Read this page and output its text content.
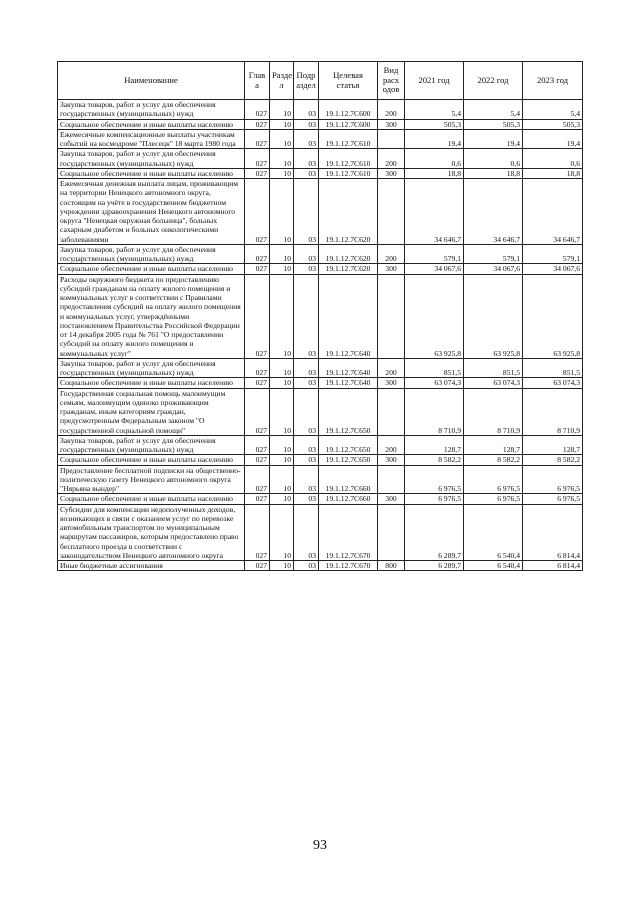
Наименование	Глав а	Разде л	Подр аздел	Целевая статья	Вид расх одов	2021 год	2022 год	2023 год
Закупка товаров, работ и услуг для обеспечения государственных (муниципальных) нужд	027	10	03	19.1.12.7С600	200	5,4	5,4	5,4
Социальное обеспечение и иные выплаты населению	027	10	03	19.1.12.7С600	300	505,3	505,3	505,3
Ежемесячные компенсационные выплаты участникам событий на космодроме "Плесецк" 18 марта 1980 года	027	10	03	19.1.12.7С610		19,4	19,4	19,4
Закупка товаров, работ и услуг для обеспечения государственных (муниципальных) нужд	027	10	03	19.1.12.7С610	200	0,6	0,6	0,6
Социальное обеспечение и иные выплаты населению	027	10	03	19.1.12.7С610	300	18,8	18,8	18,8
Ежемесячная денежная выплата лицам, проживающим на территории Ненецкого автономного округа, состоящим на учёте в государственном бюджетном учреждении здравоохранения Ненецкого автономного округа "Ненецкая окружная больница", больных сахарным диабетом и больных онкологическими заболеваниями	027	10	03	19.1.12.7С620		34 646,7	34 646,7	34 646,7
Закупка товаров, работ и услуг для обеспечения государственных (муниципальных) нужд	027	10	03	19.1.12.7С620	200	579,1	579,1	579,1
Социальное обеспечение и иные выплаты населению	027	10	03	19.1.12.7С620	300	34 067,6	34 067,6	34 067,6
Расходы окружного бюджета по предоставлению субсидий гражданам на оплату жилого помещения и коммунальных услуг в соответствии с Правилами предоставления субсидий на оплату жилого помещения и коммунальных услуг, утверждёнными постановлением Правительства Российской Федерации от 14 декабря 2005 года № 761 "О предоставлении субсидий на оплату жилого помещения и коммунальных услуг"	027	10	03	19.1.12.7С640		63 925,8	63 925,8	63 925,8
Закупка товаров, работ и услуг для обеспечения государственных (муниципальных) нужд	027	10	03	19.1.12.7С640	200	851,5	851,5	851,5
Социальное обеспечение и иные выплаты населению	027	10	03	19.1.12.7С640	300	63 074,3	63 074,3	63 074,3
Государственная социальная помощь малоимущим семьям, малоимущим одиноко проживающим гражданам, иным категориям граждан, предусмотренным Федеральным законом "О государственной социальной помощи"	027	10	03	19.1.12.7С650		8 710,9	8 710,9	8 710,9
Закупка товаров, работ и услуг для обеспечения государственных (муниципальных) нужд	027	10	03	19.1.12.7С650	200	128,7	128,7	128,7
Социальное обеспечение и иные выплаты населению	027	10	03	19.1.12.7С650	300	8 582,2	8 582,2	8 582,2
Предоставление бесплатной подписки на общественно-политическую газету Ненецкого автономного округа "Нярьяна вындер"	027	10	03	19.1.12.7С660		6 976,5	6 976,5	6 976,5
Социальное обеспечение и иные выплаты населению	027	10	03	19.1.12.7С660	300	6 976,5	6 976,5	6 976,5
Субсидии для компенсации недополученных доходов, возникающих в связи с оказанием услуг по перевозке автомобильным транспортом по муниципальным маршрутам пассажиров, которым предоставлено право бесплатного проезда в соответствии с законодательством Ненецкого автономного округа	027	10	03	19.1.12.7С670		6 289,7	6 540,4	6 814,4
Иные бюджетные ассигнования	027	10	03	19.1.12.7С670	800	6 289,7	6 540,4	6 814,4
93
